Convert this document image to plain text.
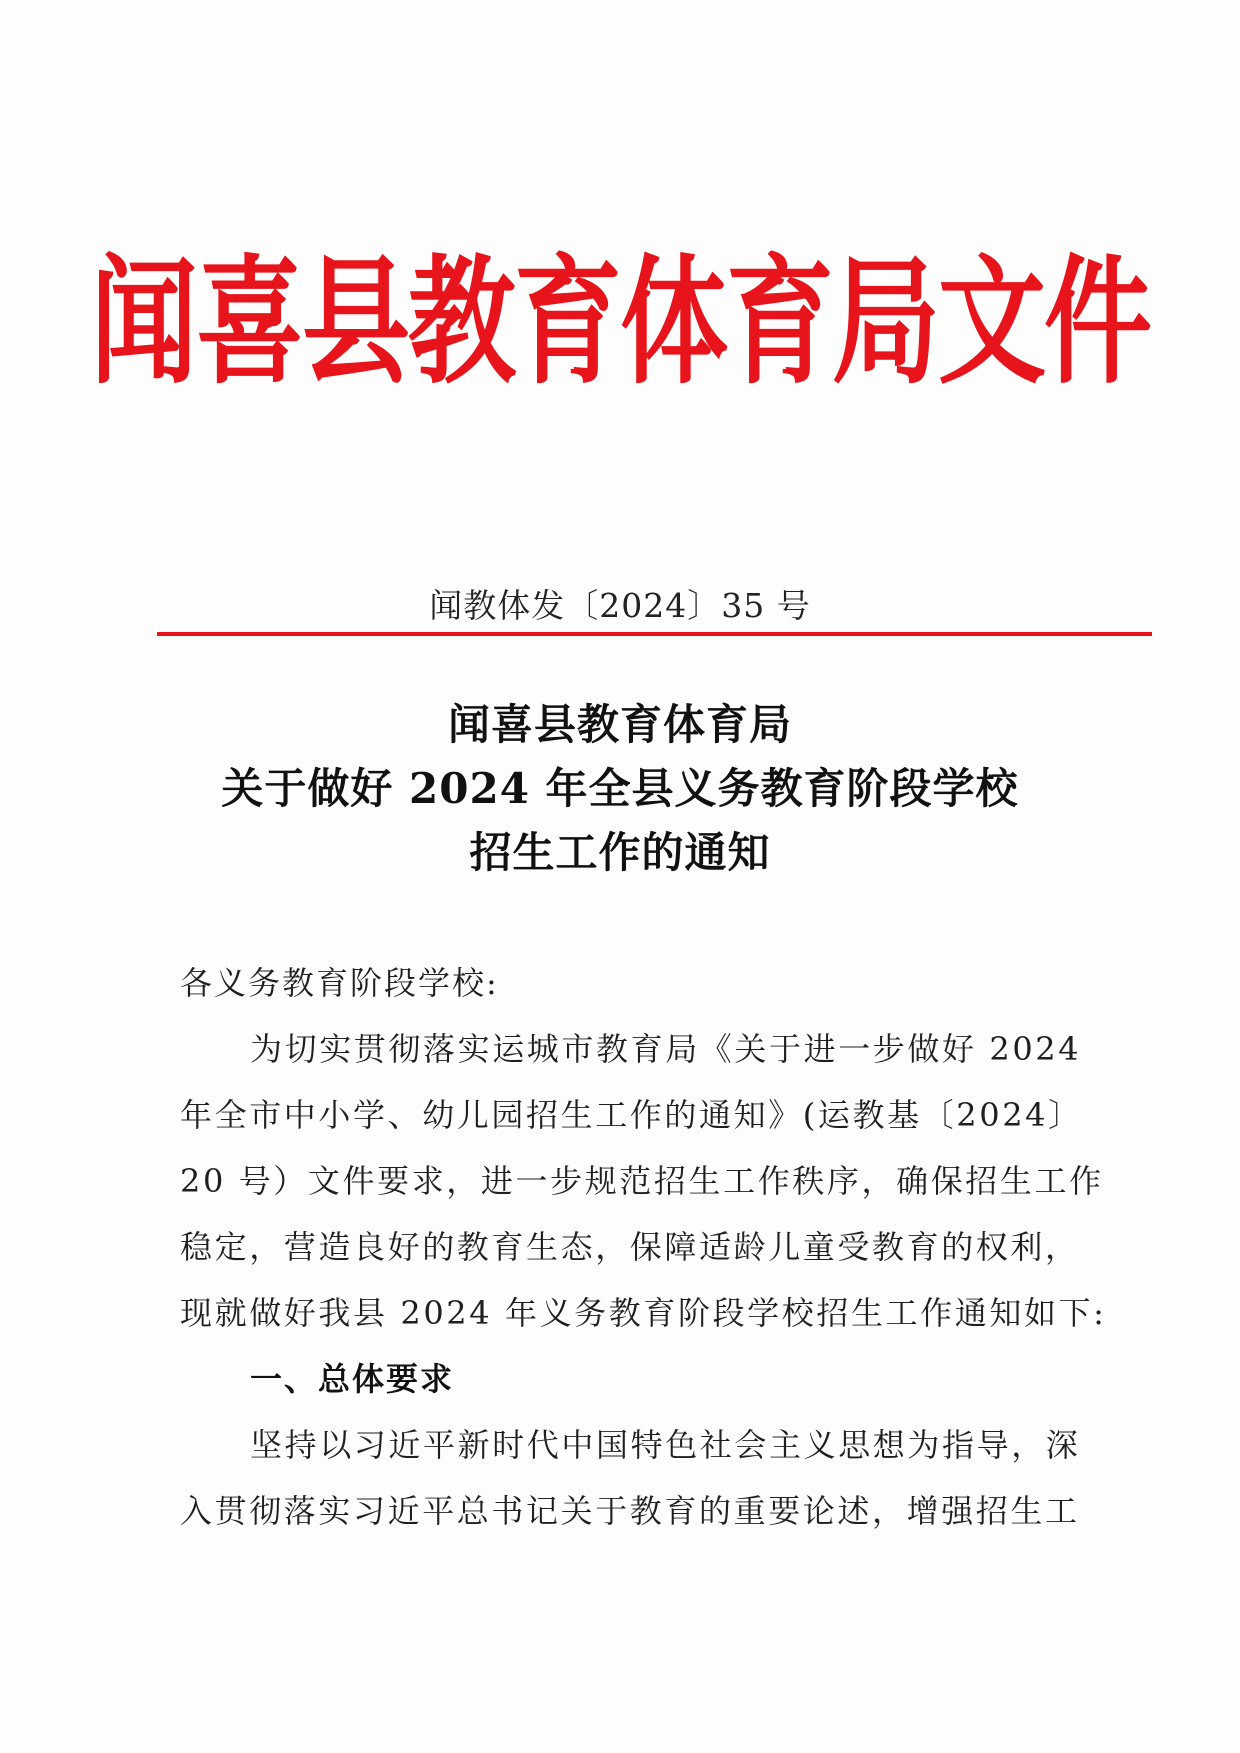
闻喜县教育体育局文件
闻教体发〔2024〕35 号
闻喜县教育体育局
关于做好 2024 年全县义务教育阶段学校
招生工作的通知
各义务教育阶段学校:
为切实贯彻落实运城市教育局《关于进一步做好 2024
年全市中小学、幼儿园招生工作的通知》(运教基〔2024〕
20 号）文件要求，进一步规范招生工作秩序，确保招生工作
稳定，营造良好的教育生态，保障适龄儿童受教育的权利，
现就做好我县 2024 年义务教育阶段学校招生工作通知如下:
一、总体要求
坚持以习近平新时代中国特色社会主义思想为指导，深
入贯彻落实习近平总书记关于教育的重要论述，增强招生工
